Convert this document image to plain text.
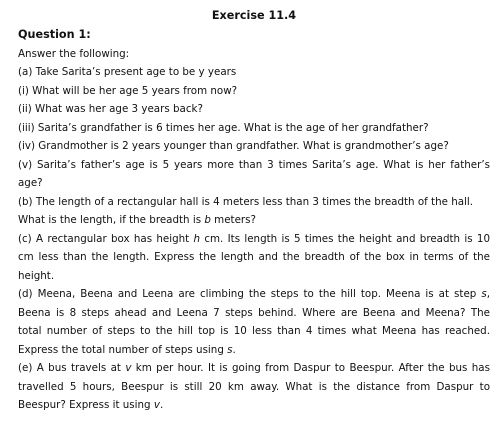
Exercise 11.4
Question 1:
Answer the following:
(a) Take Sarita’s present age to be y years
(i) What will be her age 5 years from now?
(ii) What was her age 3 years back?
(iii) Sarita’s grandfather is 6 times her age. What is the age of her grandfather?
(iv) Grandmother is 2 years younger than grandfather. What is grandmother’s age?
(v) Sarita’s father’s age is 5 years more than 3 times Sarita’s age. What is her father’s
age?
(b) The length of a rectangular hall is 4 meters less than 3 times the breadth of the hall.
What is the length, if the breadth is b meters?
(c) A rectangular box has height h cm. Its length is 5 times the height and breadth is 10
cm less than the length. Express the length and the breadth of the box in terms of the
height.
(d) Meena, Beena and Leena are climbing the steps to the hill top. Meena is at step s,
Beena is 8 steps ahead and Leena 7 steps behind. Where are Beena and Meena? The
total number of steps to the hill top is 10 less than 4 times what Meena has reached.
Express the total number of steps using s.
(e) A bus travels at v km per hour. It is going from Daspur to Beespur. After the bus has
travelled 5 hours, Beespur is still 20 km away. What is the distance from Daspur to
Beespur? Express it using v.
